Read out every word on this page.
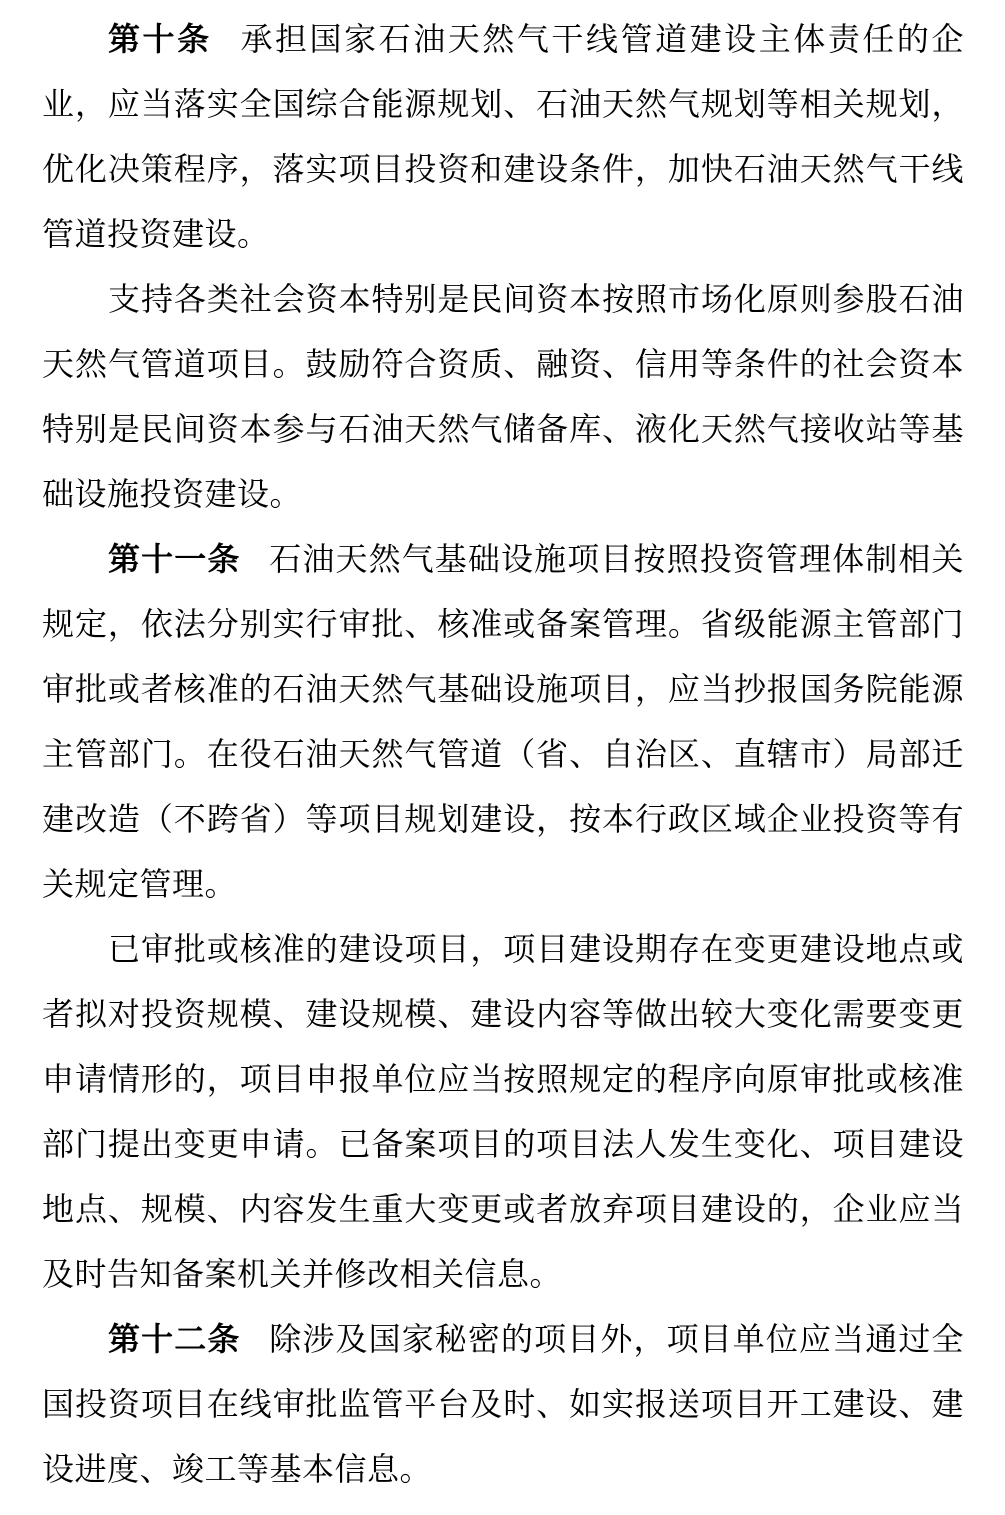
第十条 承担国家石油天然气干线管道建设主体责任的企业，应当落实全国综合能源规划、石油天然气规划等相关规划，优化决策程序，落实项目投资和建设条件，加快石油天然气干线管道投资建设。

支持各类社会资本特别是民间资本按照市场化原则参股石油天然气管道项目。鼓励符合资质、融资、信用等条件的社会资本特别是民间资本参与石油天然气储备库、液化天然气接收站等基础设施投资建设。

第十一条 石油天然气基础设施项目按照投资管理体制相关规定，依法分别实行审批、核准或备案管理。省级能源主管部门审批或者核准的石油天然气基础设施项目，应当抄报国务院能源主管部门。在役石油天然气管道（省、自治区、直辖市）局部迁建改造（不跨省）等项目规划建设，按本行政区域企业投资等有关规定管理。

已审批或核准的建设项目，项目建设期存在变更建设地点或者拟对投资规模、建设规模、建设内容等做出较大变化需要变更申请情形的，项目申报单位应当按照规定的程序向原审批或核准部门提出变更申请。已备案项目的项目法人发生变化、项目建设地点、规模、内容发生重大变更或者放弃项目建设的，企业应当及时告知备案机关并修改相关信息。

第十二条 除涉及国家秘密的项目外，项目单位应当通过全国投资项目在线审批监管平台及时、如实报送项目开工建设、建设进度、竣工等基本信息。
